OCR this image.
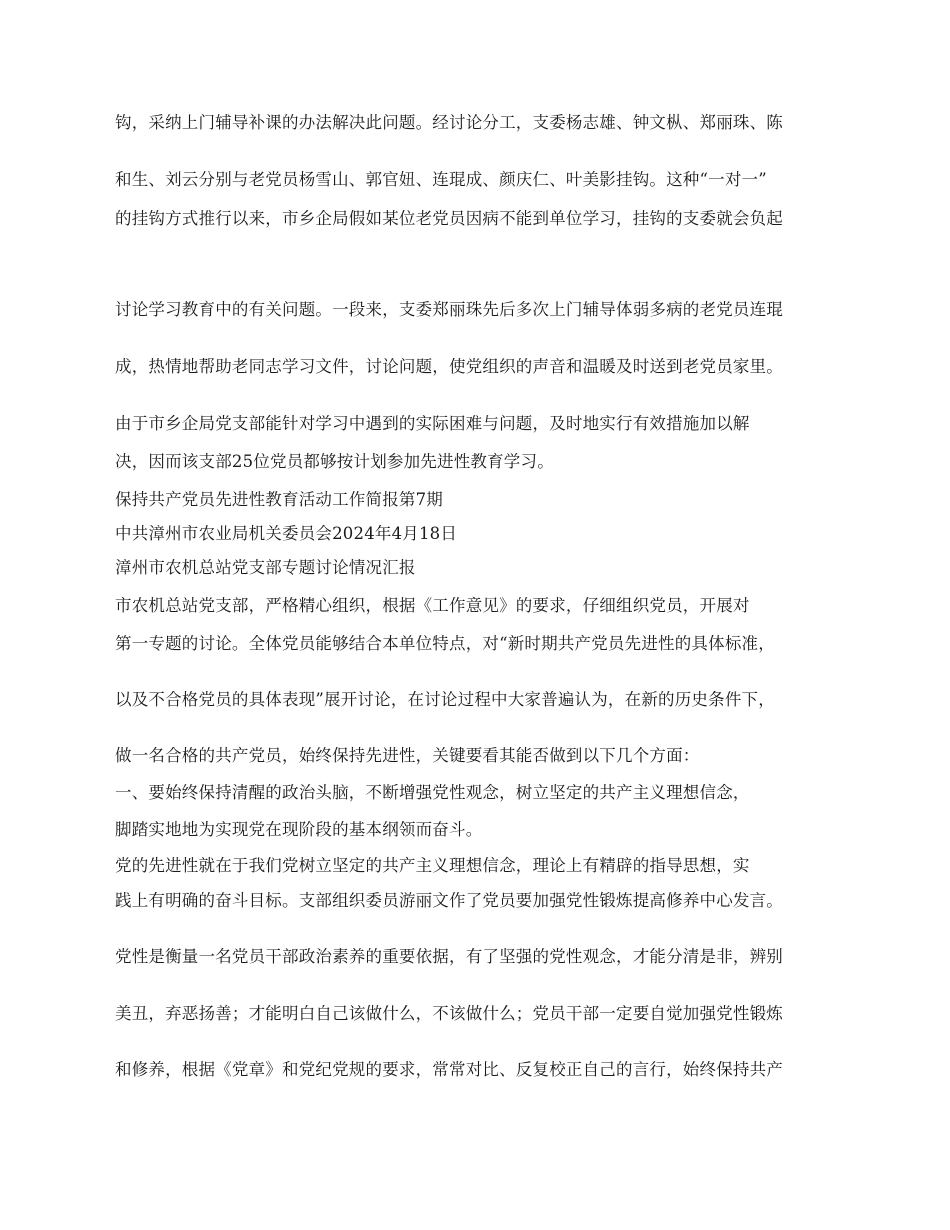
钩，采纳上门辅导补课的办法解决此问题。经讨论分工，支委杨志雄、钟文枞、郑丽珠、陈

和生、刘云分别与老党员杨雪山、郭官妞、连琨成、颜庆仁、叶美影挂钩。这种“一对一”

的挂钩方式推行以来，市乡企局假如某位老党员因病不能到单位学习，挂钩的支委就会负起

讨论学习教育中的有关问题。一段来，支委郑丽珠先后多次上门辅导体弱多病的老党员连琨

成，热情地帮助老同志学习文件，讨论问题，使党组织的声音和温暖及时送到老党员家里。

由于市乡企局党支部能针对学习中遇到的实际困难与问题，及时地实行有效措施加以解

决，因而该支部25位党员都够按计划参加先进性教育学习。

保持共产党员先进性教育活动工作简报第7期

中共漳州市农业局机关委员会2024年4月18日

漳州市农机总站党支部专题讨论情况汇报

市农机总站党支部，严格精心组织，根据《工作意见》的要求，仔细组织党员，开展对

第一专题的讨论。全体党员能够结合本单位特点，对“新时期共产党员先进性的具体标准，

以及不合格党员的具体表现”展开讨论，在讨论过程中大家普遍认为，在新的历史条件下，

做一名合格的共产党员，始终保持先进性，关键要看其能否做到以下几个方面：

一、要始终保持清醒的政治头脑，不断增强党性观念，树立坚定的共产主义理想信念，

脚踏实地地为实现党在现阶段的基本纲领而奋斗。

党的先进性就在于我们党树立坚定的共产主义理想信念，理论上有精辟的指导思想，实

践上有明确的奋斗目标。支部组织委员游丽文作了党员要加强党性锻炼提高修养中心发言。

党性是衡量一名党员干部政治素养的重要依据，有了坚强的党性观念，才能分清是非，辨别

美丑，弃恶扬善；才能明白自己该做什么，不该做什么；党员干部一定要自觉加强党性锻炼

和修养，根据《党章》和党纪党规的要求，常常对比、反复校正自己的言行，始终保持共产
